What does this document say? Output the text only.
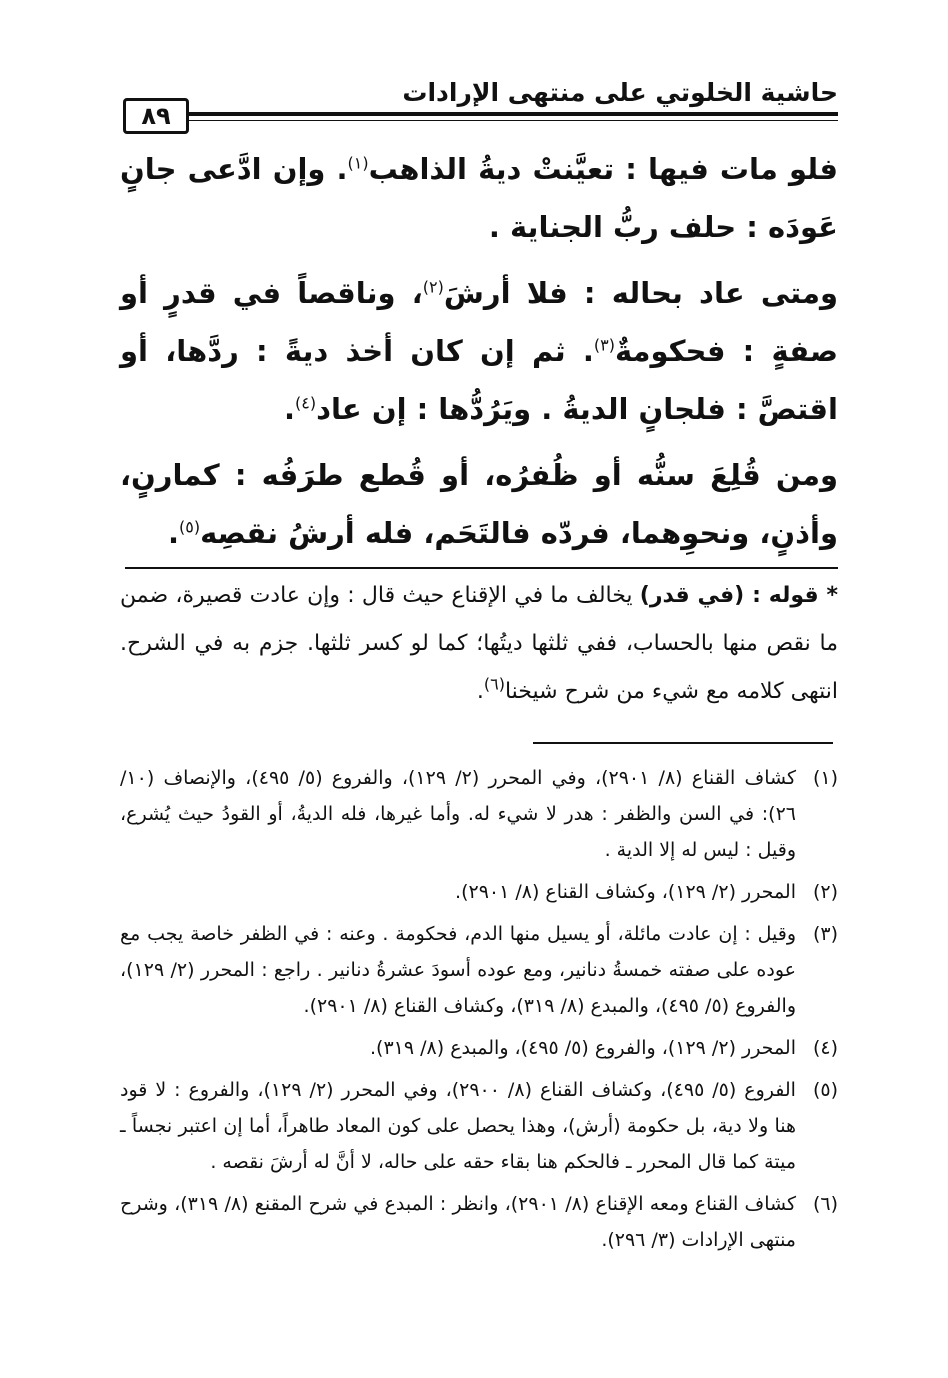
حاشية الخلوتي على منتهى الإرادات
٨٩

فلو مات فيها : تعيَّنتْ ديةُ الذاهب$^{(١)}$. وإن ادَّعى جانٍ عَودَه : حلف ربُّ الجناية .

ومتى عاد بحاله : فلا أرشَ$^{(٢)}$، وناقصاً في قدرٍ أو صفةٍ : فحكومةٌ$^{(٣)}$. ثم إن كان أخذ ديةً : ردَّها، أو اقتصَّ : فلجانٍ الديةُ . ويَرُدُّها : إن عاد$^{(٤)}$.

ومن قُلِعَ سنُّه أو ظُفرُه، أو قُطع طرَفُه : كمارنٍ، وأذنٍ، ونحوِهما، فردّه فالتَحَم، فله أرشُ نقصِه$^{(٥)}$.

* قوله : (في قدر) يخالف ما في الإقناع حيث قال : وإن عادت قصيرة، ضمن ما نقص منها بالحساب، ففي ثلثها ديتُها؛ كما لو كسر ثلثها. جزم به في الشرح. انتهى كلامه مع شيء من شرح شيخنا$^{(٦)}$.

(١)
كشاف القناع (٨/ ٢٩٠١)، وفي المحرر (٢/ ١٢٩)، والفروع (٥/ ٤٩٥)، والإنصاف (١٠/ ٢٦): في السن والظفر : هدر لا شيء له. وأما غيرها، فله الديةُ، أو القودُ حيث يُشرع، وقيل : ليس له إلا الدية .
(٢)
المحرر (٢/ ١٢٩)، وكشاف القناع (٨/ ٢٩٠١).
(٣)
وقيل : إن عادت مائلة، أو يسيل منها الدم، فحكومة . وعنه : في الظفر خاصة يجب مع عوده على صفته خمسةُ دنانير، ومع عوده أسودَ عشرةُ دنانير . راجع : المحرر (٢/ ١٢٩)، والفروع (٥/ ٤٩٥)، والمبدع (٨/ ٣١٩)، وكشاف القناع (٨/ ٢٩٠١).
(٤)
المحرر (٢/ ١٢٩)، والفروع (٥/ ٤٩٥)، والمبدع (٨/ ٣١٩).
(٥)
الفروع (٥/ ٤٩٥)، وكشاف القناع (٨/ ٢٩٠٠)، وفي المحرر (٢/ ١٢٩)، والفروع : لا قود هنا ولا دية، بل حكومة (أرش)، وهذا يحصل على كون المعاد طاهراً، أما إن اعتبر نجساً ـ ميتة كما قال المحرر ـ فالحكم هنا بقاء حقه على حاله، لا أنَّ له أرشَ نقصه .
(٦)
كشاف القناع ومعه الإقناع (٨/ ٢٩٠١)، وانظر : المبدع في شرح المقنع (٨/ ٣١٩)، وشرح منتهى الإرادات (٣/ ٢٩٦).
